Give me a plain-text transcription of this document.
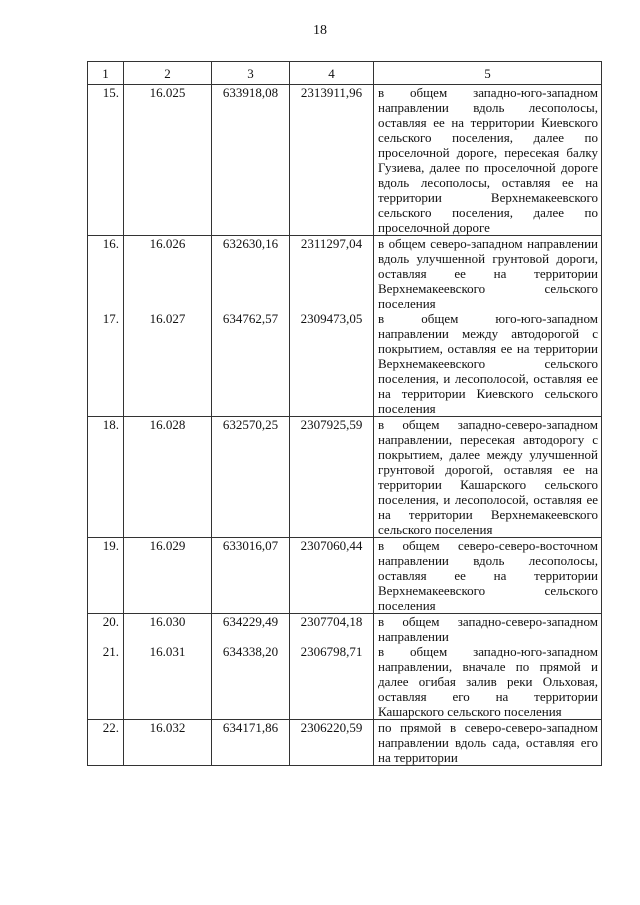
18
1	2	3	4	5
15.	16.025	633918,08	2313911,96	в общем западно-юго-западном направлении вдоль лесополосы, оставляя ее на территории Киевского сельского поселения, далее по проселочной дороге, пересекая балку Гузиева, далее по проселочной дороге вдоль лесополосы, оставляя ее на территории Верхнемакеевского сельского поселения, далее по проселочной дороге
16.	16.026	632630,16	2311297,04	в общем северо-западном направлении вдоль улучшенной грунтовой дороги, оставляя ее на территории Верхнемакеевского сельского поселения
17.	16.027	634762,57	2309473,05	в общем юго-юго-западном направлении между автодорогой с покрытием, оставляя ее на территории Верхнемакеевского сельского поселения, и лесополосой, оставляя ее на территории Киевского сельского поселения
18.	16.028	632570,25	2307925,59	в общем западно-северо-западном направлении, пересекая автодорогу с покрытием, далее между улучшенной грунтовой дорогой, оставляя ее на территории Кашарского сельского поселения, и лесополосой, оставляя ее на территории Верхнемакеевского сельского поселения
19.	16.029	633016,07	2307060,44	в общем северо-северо-восточном направлении вдоль лесополосы, оставляя ее на территории Верхнемакеевского сельского поселения
20.	16.030	634229,49	2307704,18	в общем западно-северо-западном направлении
21.	16.031	634338,20	2306798,71	в общем западно-юго-западном направлении, вначале по прямой и далее огибая залив реки Ольховая, оставляя его на территории Кашарского сельского поселения
22.	16.032	634171,86	2306220,59	по прямой в северо-северо-западном направлении вдоль сада, оставляя его на территории
